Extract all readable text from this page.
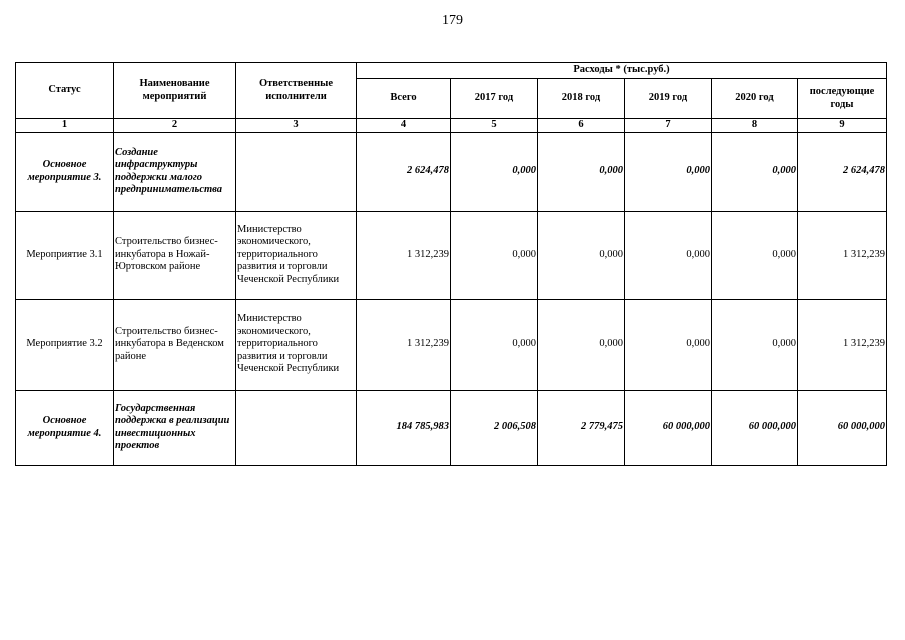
179
Статус	Наименование мероприятий	Ответственные исполнители	Расходы * (тыс.руб.)					
			Всего	2017 год	2018 год	2019 год	2020 год	последующие годы
1	2	3	4	5	6	7	8	9
Основное мероприятие 3.	Создание инфраструктуры поддержки малого предпринимательства		2 624,478	0,000	0,000	0,000	0,000	2 624,478
Мероприятие 3.1	Строительство бизнес-инкубатора в Ножай-Юртовском районе	Министерство экономического, территориального развития и торговли Чеченской Республики	1 312,239	0,000	0,000	0,000	0,000	1 312,239
Мероприятие 3.2	Строительство бизнес-инкубатора в Веденском районе	Министерство экономического, территориального развития и торговли Чеченской Республики	1 312,239	0,000	0,000	0,000	0,000	1 312,239
Основное мероприятие 4.	Государственная поддержка в реализации инвестиционных проектов		184 785,983	2 006,508	2 779,475	60 000,000	60 000,000	60 000,000
